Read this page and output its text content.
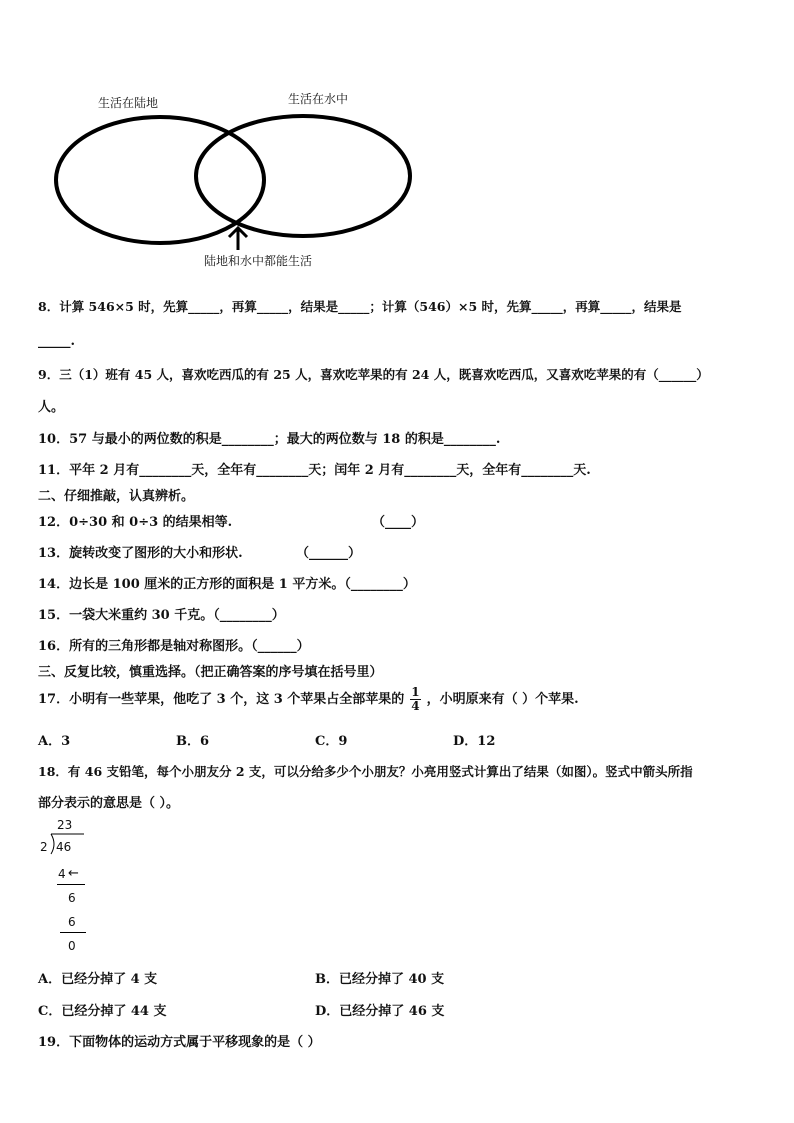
生活在陆地	生活在水中
陆地和水中都能生活
8．计算 546×5 时，先算_____，再算_____，结果是_____；计算（546）×5 时，先算_____，再算_____，结果是
_____.
9．三（1）班有 45 人，喜欢吃西瓜的有 25 人，喜欢吃苹果的有 24 人，既喜欢吃西瓜，又喜欢吃苹果的有（______）
人。
10．57 与最小的两位数的积是________；最大的两位数与 18 的积是________.
11．平年 2 月有________天，全年有________天；闰年 2 月有________天，全年有________天.
二、仔细推敲，认真辨析。
12．0÷30 和 0÷3 的结果相等.	（____）
13．旋转改变了图形的大小和形状.	（______）
14．边长是 100 厘米的正方形的面积是 1 平方米。（________）
15．一袋大米重约 30 千克。（________）
16．所有的三角形都是轴对称图形。（______）
三、反复比较，慎重选择。（把正确答案的序号填在括号里）
17．小明有一些苹果，他吃了 3 个，这 3 个苹果占全部苹果的 $\frac{1}{4}$ ，小明原来有（ ）个苹果.
A．3	B．6	C．9	D．12
18．有 46 支铅笔，每个小朋友分 2 支，可以分给多少个小朋友？小亮用竖式计算出了结果（如图）。竖式中箭头所指
部分表示的意思是（ ）。
23
2 46
4 ←
6
6
0
A．已经分掉了 4 支	B．已经分掉了 40 支
C．已经分掉了 44 支	D．已经分掉了 46 支
19．下面物体的运动方式属于平移现象的是（ ）
